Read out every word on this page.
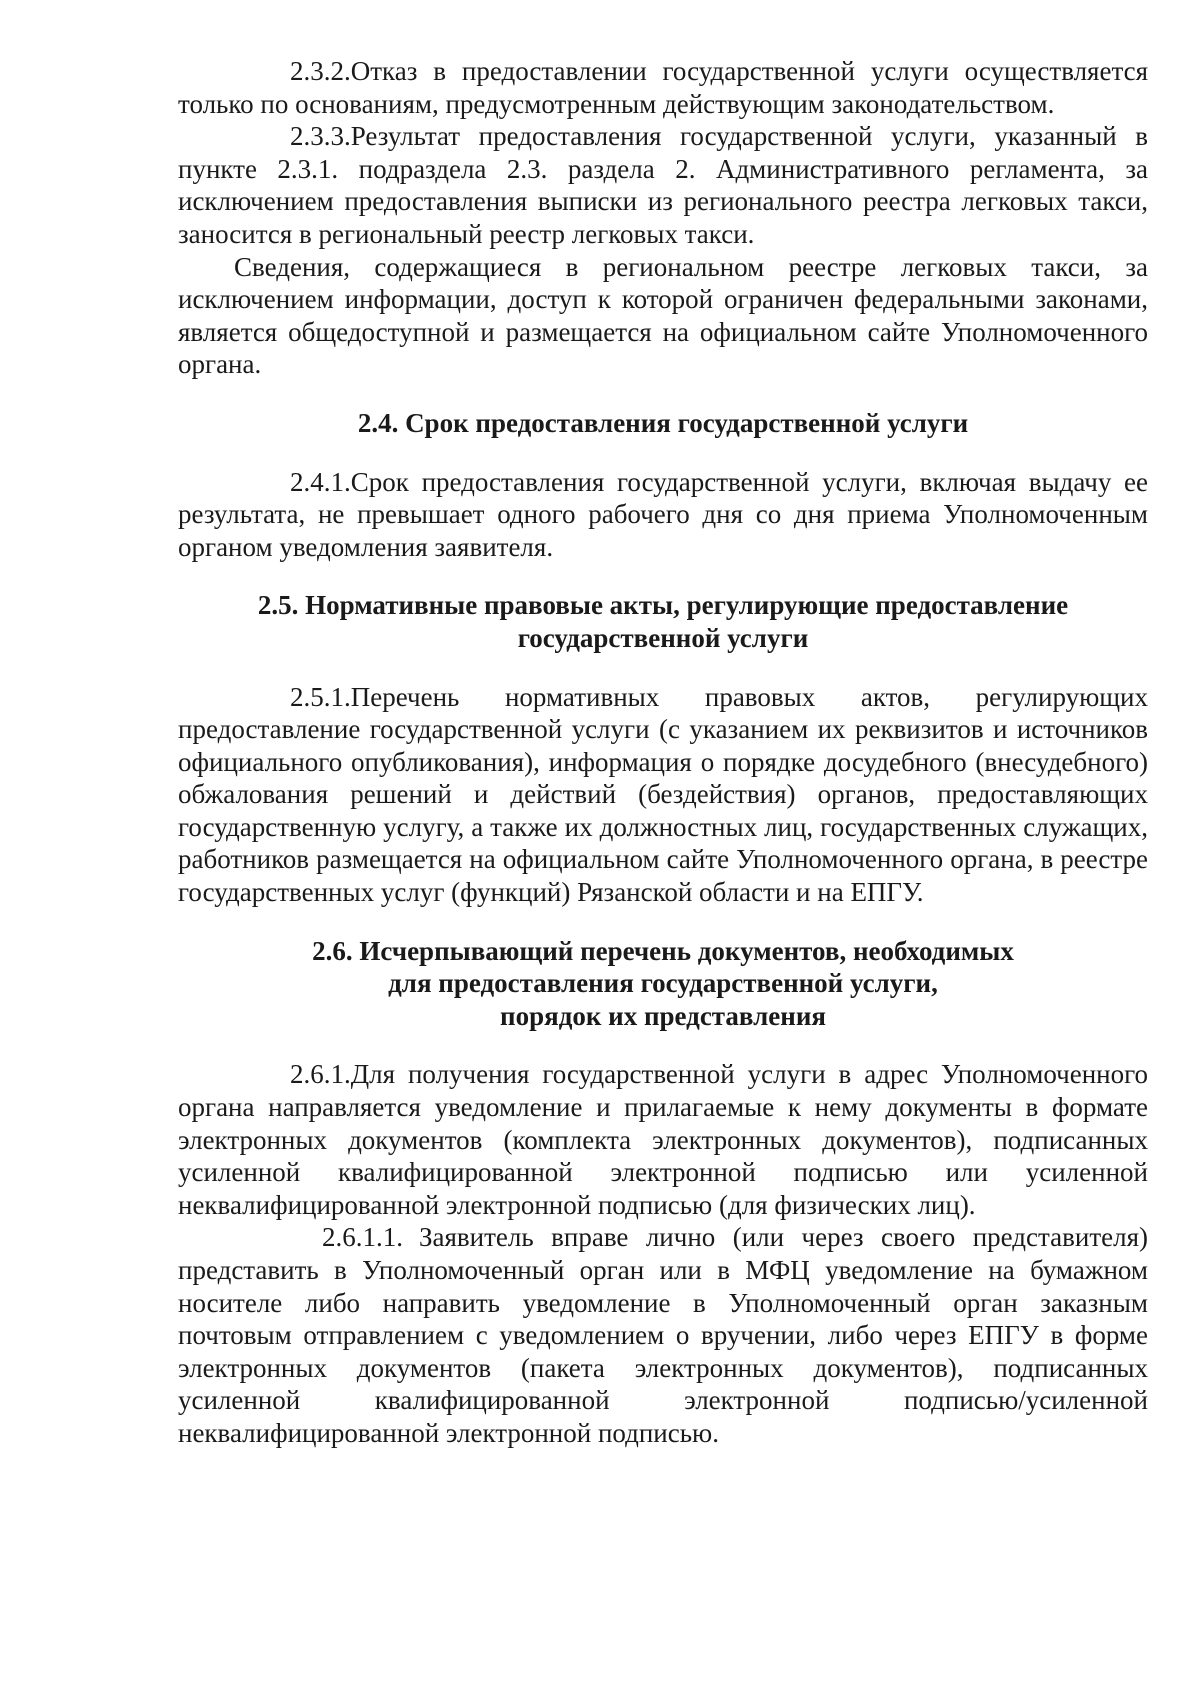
2.3.2.Отказ в предоставлении государственной услуги осуществляется только по основаниям, предусмотренным действующим законодательством.

2.3.3.Результат предоставления государственной услуги, указанный в пункте 2.3.1. подраздела 2.3. раздела 2. Административного регламента, за исключением предоставления выписки из регионального реестра легковых такси, заносится в региональный реестр легковых такси.

Сведения, содержащиеся в региональном реестре легковых такси, за исключением информации, доступ к которой ограничен федеральными законами, является общедоступной и размещается на официальном сайте Уполномоченного органа.

2.4. Срок предоставления государственной услуги

2.4.1.Срок предоставления государственной услуги, включая выдачу ее результата, не превышает одного рабочего дня со дня приема Уполномоченным органом уведомления заявителя.

2.5. Нормативные правовые акты, регулирующие предоставление

государственной услуги

2.5.1.Перечень нормативных правовых актов, регулирующих предоставление государственной услуги (с указанием их реквизитов и источников официального опубликования), информация о порядке досудебного (внесудебного) обжалования решений и действий (бездействия) органов, предоставляющих государственную услугу, а также их должностных лиц, государственных служащих, работников размещается на официальном сайте Уполномоченного органа, в реестре государственных услуг (функций) Рязанской области и на ЕПГУ.

2.6. Исчерпывающий перечень документов, необходимых

для предоставления государственной услуги,

порядок их представления

2.6.1.Для получения государственной услуги в адрес Уполномоченного органа направляется уведомление и прилагаемые к нему документы в формате электронных документов (комплекта электронных документов), подписанных усиленной квалифицированной электронной подписью или усиленной неквалифицированной электронной подписью (для физических лиц).

2.6.1.1. Заявитель вправе лично (или через своего представителя) представить в Уполномоченный орган или в МФЦ уведомление на бумажном носителе либо направить уведомление в Уполномоченный орган заказным почтовым отправлением с уведомлением о вручении, либо через ЕПГУ в форме электронных документов (пакета электронных документов), подписанных усиленной квалифицированной электронной подписью/усиленной неквалифицированной электронной подписью.
